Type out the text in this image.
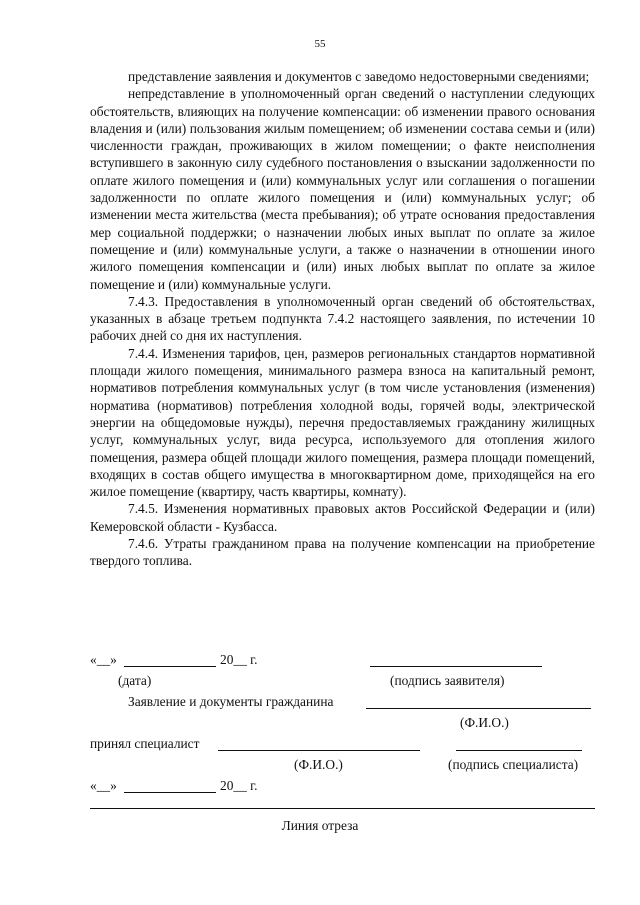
55

представление заявления и документов с заведомо недостоверными сведениями;

непредставление в уполномоченный орган сведений о наступлении следующих обстоятельств, влияющих на получение компенсации: об изменении правого основания владения и (или) пользования жилым помещением; об изменении состава семьи и (или) численности граждан, проживающих в жилом помещении; о факте неисполнения вступившего в законную силу судебного постановления о взыскании задолженности по оплате жилого помещения и (или) коммунальных услуг или соглашения о погашении задолженности по оплате жилого помещения и (или) коммунальных услуг; об изменении места жительства (места пребывания); об утрате основания предоставления мер социальной поддержки; о назначении любых иных выплат по оплате за жилое помещение и (или) коммунальные услуги, а также о назначении в отношении иного жилого помещения компенсации и (или) иных любых выплат по оплате за жилое помещение и (или) коммунальные услуги.

7.4.3. Предоставления в уполномоченный орган сведений об обстоятельствах, указанных в абзаце третьем подпункта 7.4.2 настоящего заявления, по истечении 10 рабочих дней со дня их наступления.

7.4.4. Изменения тарифов, цен, размеров региональных стандартов нормативной площади жилого помещения, минимального размера взноса на капитальный ремонт, нормативов потребления коммунальных услуг (в том числе установления (изменения) норматива (нормативов) потребления холодной воды, горячей воды, электрической энергии на общедомовые нужды), перечня предоставляемых гражданину жилищных услуг, коммунальных услуг, вида ресурса, используемого для отопления жилого помещения, размера общей площади жилого помещения, размера площади помещений, входящих в состав общего имущества в многоквартирном доме, приходящейся на его жилое помещение (квартиру, часть квартиры, комнату).

7.4.5. Изменения нормативных правовых актов Российской Федерации и (или) Кемеровской области - Кузбасса.

7.4.6. Утраты гражданином права на получение компенсации на приобретение твердого топлива.

«__»	20__ г.
(дата)	(подпись заявителя)
Заявление и документы гражданина
(Ф.И.О.)
принял специалист
(Ф.И.О.)	(подпись специалиста)
«__»	20__ г.
Линия отреза
